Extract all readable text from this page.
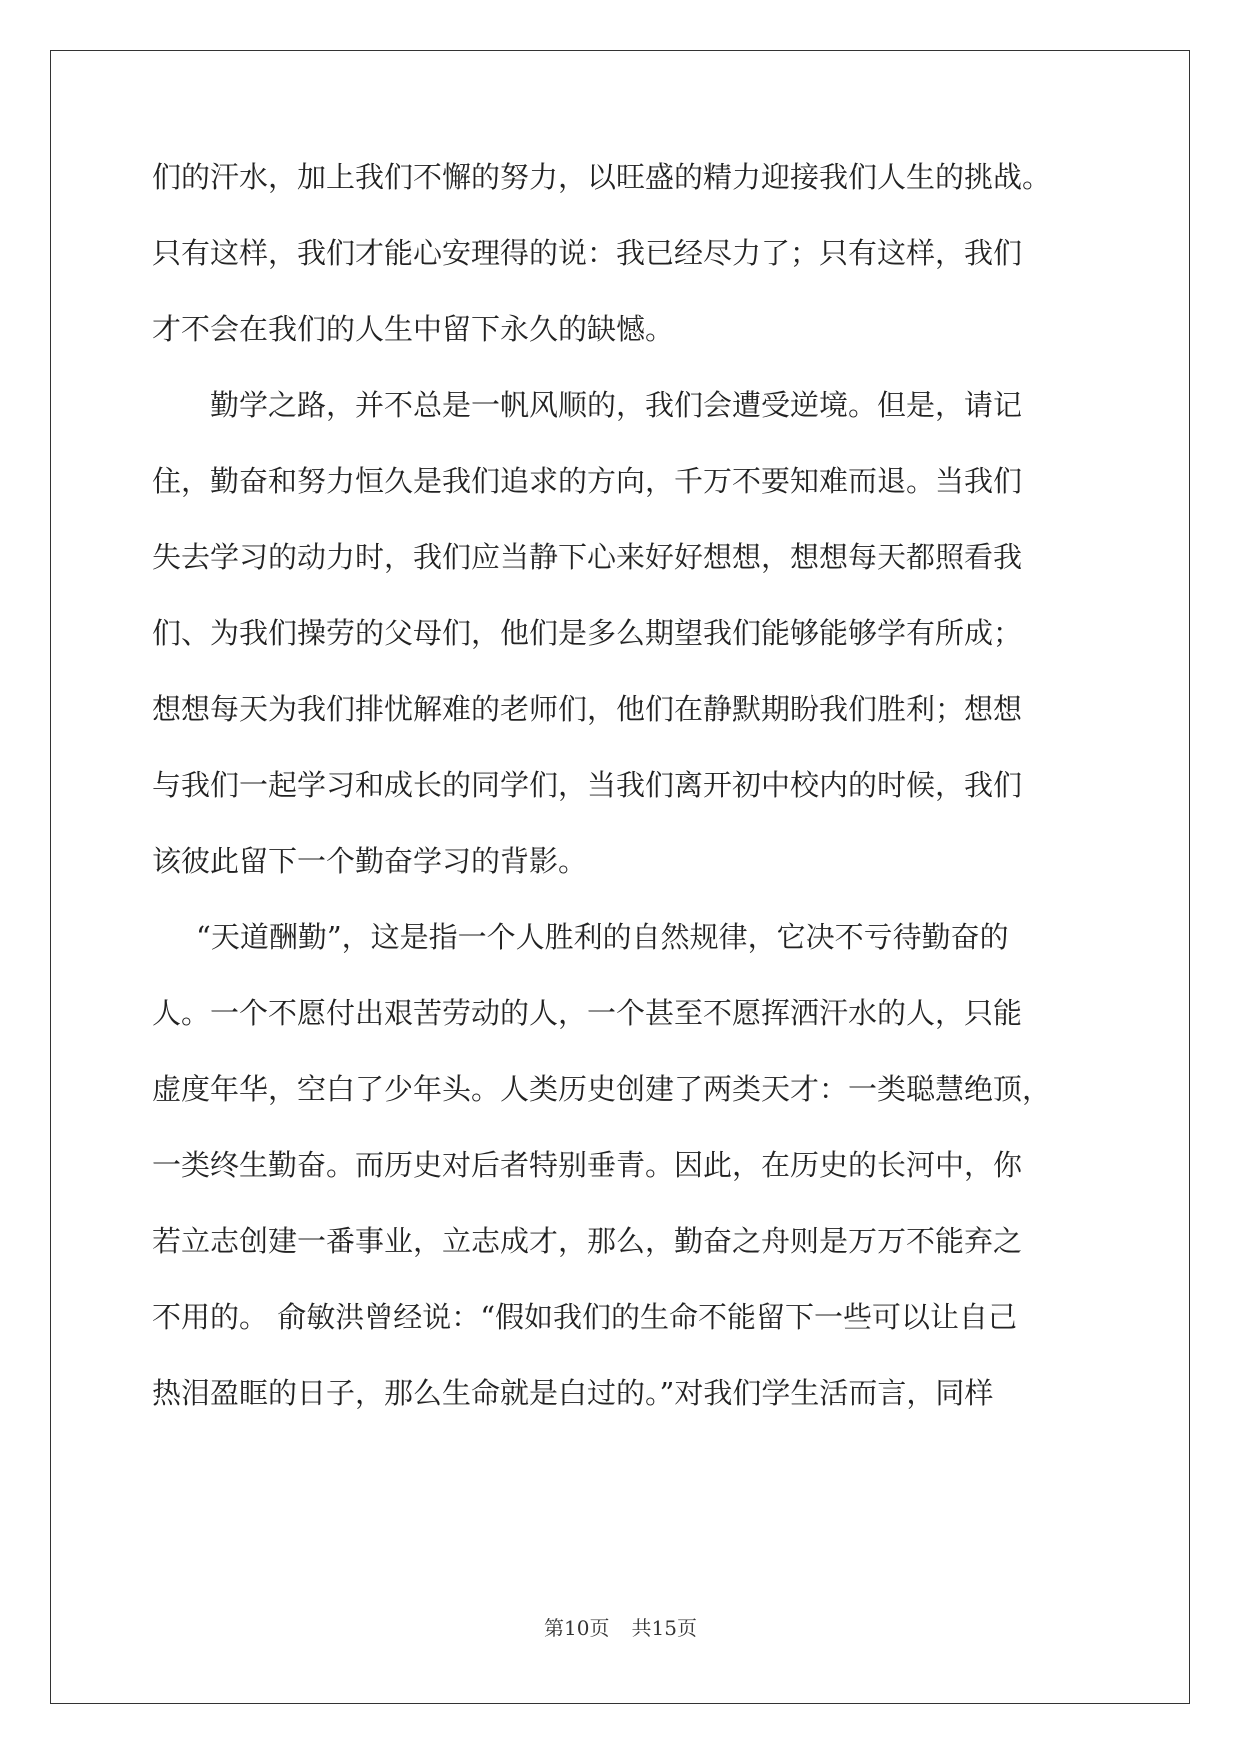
们的汗水，加上我们不懈的努力，以旺盛的精力迎接我们人生的挑战。
只有这样，我们才能心安理得的说：我已经尽力了；只有这样，我们
才不会在我们的人生中留下永久的缺憾。
勤学之路，并不总是一帆风顺的，我们会遭受逆境。但是，请记
住，勤奋和努力恒久是我们追求的方向，千万不要知难而退。当我们
失去学习的动力时，我们应当静下心来好好想想，想想每天都照看我
们、为我们操劳的父母们，他们是多么期望我们能够能够学有所成；
想想每天为我们排忧解难的老师们，他们在静默期盼我们胜利；想想
与我们一起学习和成长的同学们，当我们离开初中校内的时候，我们
该彼此留下一个勤奋学习的背影。
“天道酬勤”，这是指一个人胜利的自然规律，它决不亏待勤奋的
人。一个不愿付出艰苦劳动的人，一个甚至不愿挥洒汗水的人，只能
虚度年华，空白了少年头。人类历史创建了两类天才：一类聪慧绝顶，
一类终生勤奋。而历史对后者特别垂青。因此，在历史的长河中，你
若立志创建一番事业，立志成才，那么，勤奋之舟则是万万不能弃之
不用的。 俞敏洪曾经说：“假如我们的生命不能留下一些可以让自己
热泪盈眶的日子，那么生命就是白过的。”对我们学生活而言，同样
第10页 共15页
